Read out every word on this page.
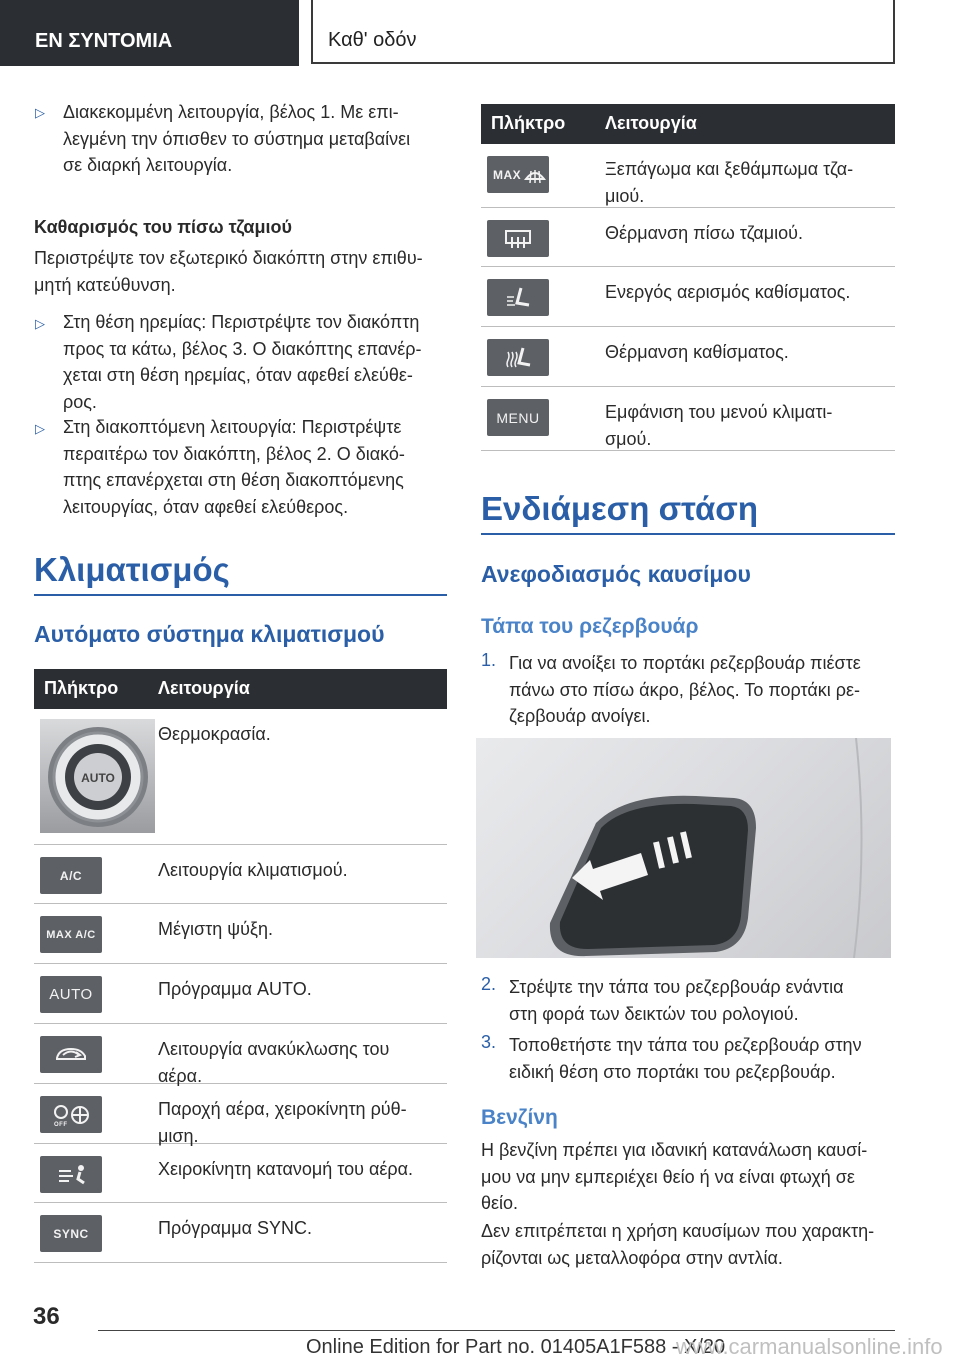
ΕΝ ΣΥΝΤΟΜΙΑ	Καθ' οδόν
▷ Διακεκομμένη λειτουργία, βέλος 1. Με επι-
λεγμένη την όπισθεν το σύστημα μεταβαίνει
σε διαρκή λειτουργία.
Καθαρισμός του πίσω τζαμιού
Περιστρέψτε τον εξωτερικό διακόπτη στην επιθυ-
μητή κατεύθυνση.
▷ Στη θέση ηρεμίας: Περιστρέψτε τον διακόπτη
προς τα κάτω, βέλος 3. Ο διακόπτης επανέρ-
χεται στη θέση ηρεμίας, όταν αφεθεί ελεύθε-
ρος.
▷ Στη διακοπτόμενη λειτουργία: Περιστρέψτε
περαιτέρω τον διακόπτη, βέλος 2. Ο διακό-
πτης επανέρχεται στη θέση διακοπτόμενης
λειτουργίας, όταν αφεθεί ελεύθερος.
Κλιματισμός
Αυτόματο σύστημα κλιματισμού
Πλήκτρο Λειτουργία
AUTO
Θερμοκρασία.
A/C	Λειτουργία κλιματισμού.
MAX A/C	Μέγιστη ψύξη.
AUTO	Πρόγραμμα AUTO.
Λειτουργία ανακύκλωσης του
αέρα.
OFF
Παροχή αέρα, χειροκίνητη ρύθ-
μιση.
Χειροκίνητη κατανομή του αέρα.
SYNC	Πρόγραμμα SYNC.
Πλήκτρο Λειτουργία
MAX	Ξεπάγωμα και ξεθάμπωμα τζα-
μιού.
Θέρμανση πίσω τζαμιού.
Ενεργός αερισμός καθίσματος.
Θέρμανση καθίσματος.
MENU	Εμφάνιση του μενού κλιματι-
σμού.
Ενδιάμεση στάση
Ανεφοδιασμός καυσίμου
Τάπα του ρεζερβουάρ
1. Για να ανοίξει το πορτάκι ρεζερβουάρ πιέστε
πάνω στο πίσω άκρο, βέλος. Το πορτάκι ρε-
ζερβουάρ ανοίγει.
2. Στρέψτε την τάπα του ρεζερβουάρ ενάντια
στη φορά των δεικτών του ρολογιού.
3. Τοποθετήστε την τάπα του ρεζερβουάρ στην
ειδική θέση στο πορτάκι του ρεζερβουάρ.
Βενζίνη
Η βενζίνη πρέπει για ιδανική κατανάλωση καυσί-
μου να μην εμπεριέχει θείο ή να είναι φτωχή σε
θείο.
Δεν επιτρέπεται η χρήση καυσίμων που χαρακτη-
ρίζονται ως μεταλλοφόρα στην αντλία.
36
Online Edition for Part no. 01405A1F588 - X/20
www.carmanualsonline.info
